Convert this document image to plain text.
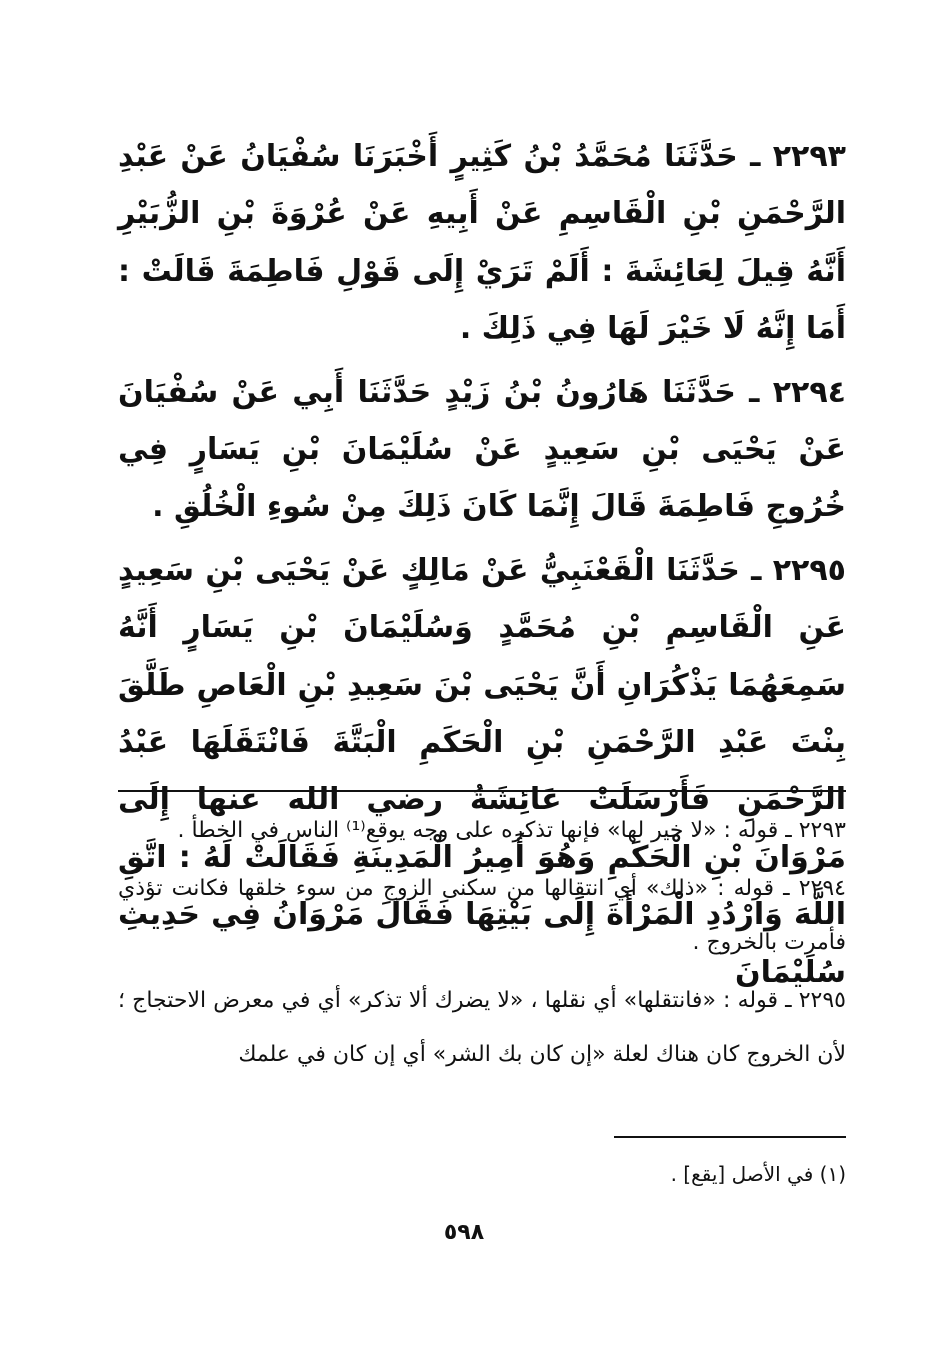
٢٢٩٣ ـ حَدَّثَنَا مُحَمَّدُ بْنُ كَثِيرٍ أَخْبَرَنَا سُفْيَانُ عَنْ عَبْدِ الرَّحْمَنِ بْنِ الْقَاسِمِ عَنْ أَبِيهِ عَنْ عُرْوَةَ بْنِ الزُّبَيْرِ أَنَّهُ قِيلَ لِعَائِشَةَ : أَلَمْ تَرَيْ إِلَى قَوْلِ فَاطِمَةَ قَالَتْ : أَمَا إِنَّهُ لَا خَيْرَ لَهَا فِي ذَلِكَ .

٢٢٩٤ ـ حَدَّثَنَا هَارُونُ بْنُ زَيْدٍ حَدَّثَنَا أَبِي عَنْ سُفْيَانَ عَنْ يَحْيَى بْنِ سَعِيدٍ عَنْ سُلَيْمَانَ بْنِ يَسَارٍ فِي خُرُوجِ فَاطِمَةَ قَالَ إِنَّمَا كَانَ ذَلِكَ مِنْ سُوءِ الْخُلُقِ .

٢٢٩٥ ـ حَدَّثَنَا الْقَعْنَبِيُّ عَنْ مَالِكٍ عَنْ يَحْيَى بْنِ سَعِيدٍ عَنِ الْقَاسِمِ بْنِ مُحَمَّدٍ وَسُلَيْمَانَ بْنِ يَسَارٍ أَنَّهُ سَمِعَهُمَا يَذْكُرَانِ أَنَّ يَحْيَى بْنَ سَعِيدِ بْنِ الْعَاصِ طَلَّقَ بِنْتَ عَبْدِ الرَّحْمَنِ بْنِ الْحَكَمِ الْبَتَّةَ فَانْتَقَلَهَا عَبْدُ الرَّحْمَنِ فَأَرْسَلَتْ عَائِشَةُ رضي الله عنها إِلَى مَرْوَانَ بْنِ الْحَكَمِ وَهُوَ أَمِيرُ الْمَدِينَةِ فَقَالَتْ لَهُ : اتَّقِ اللَّهَ وَارْدُدِ الْمَرْأَةَ إِلَى بَيْتِهَا فَقَالَ مَرْوَانُ فِي حَدِيثِ سُلَيْمَانَ

٢٢٩٣ ـ قوله : «لا خير لها» فإنها تذكره على وجه يوقع⁽¹⁾ الناس في الخطأ .

٢٢٩٤ ـ قوله : «ذلك» أي انتقالها من سكنى الزوج من سوء خلقها فكانت تؤذي فأمرت بالخروج .

٢٢٩٥ ـ قوله : «فانتقلها» أي نقلها ، «لا يضرك ألا تذكر» أي في معرض الاحتجاج ؛ لأن الخروج كان هناك لعلة «إن كان بك الشر» أي إن كان في علمك

(١) في الأصل [يقع] .
٥٩٨
